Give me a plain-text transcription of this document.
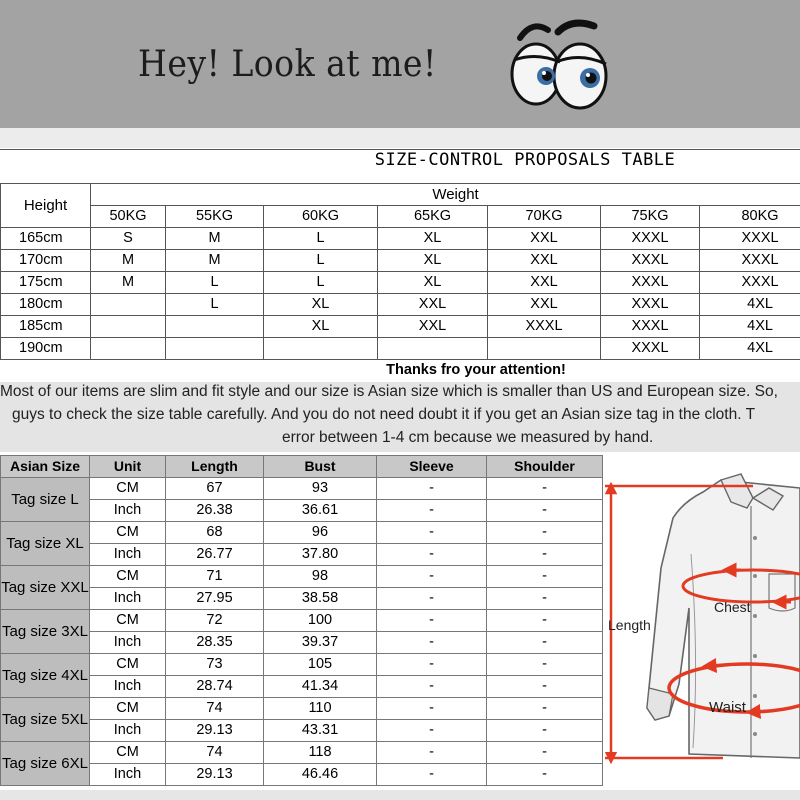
Hey! Look at me!
SIZE-CONTROL PROPOSALS TABLE
Height	Weight						
	50KG	55KG	60KG	65KG	70KG	75KG	80KG
165cm	S	M	L	XL	XXL	XXXL	XXXL
170cm	M	M	L	XL	XXL	XXXL	XXXL
175cm	M	L	L	XL	XXL	XXXL	XXXL
180cm		L	XL	XXL	XXL	XXXL	4XL
185cm			XL	XXL	XXXL	XXXL	4XL
190cm						XXXL	4XL
Thanks fro your attention!
Most of our items are slim and fit style and our size is Asian size which is smaller than US and European size. So,
guys to check the size table carefully. And you do not need doubt it if you get an Asian size tag in the cloth. T
error between 1-4 cm because we measured by hand.
Asian Size	Unit	Length	Bust	Sleeve	Shoulder
Tag size L	CM	67	93	-	-
	Inch	26.38	36.61	-	-
Tag size XL	CM	68	96	-	-
	Inch	26.77	37.80	-	-
Tag size XXL	CM	71	98	-	-
	Inch	27.95	38.58	-	-
Tag size 3XL	CM	72	100	-	-
	Inch	28.35	39.37	-	-
Tag size 4XL	CM	73	105	-	-
	Inch	28.74	41.34	-	-
Tag size 5XL	CM	74	110	-	-
	Inch	29.13	43.31	-	-
Tag size 6XL	CM	74	118	-	-
	Inch	29.13	46.46	-	-
Length
Chest
Waist
